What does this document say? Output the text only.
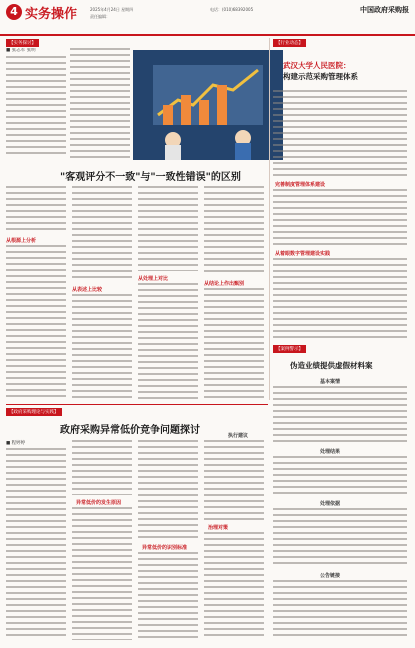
4 实务操作	2025年4月24日 星期四
责任编辑：
电话：(010)68392005	中国政府采购报
【实务探讨】
■ 张志军 张明
"客观评分不一致"与"一致性错误"的区别
从根源上分析
从表述上比较
从处理上对比
从结论上作出甄别
【行业动态】
武汉大学人民医院：
构建示范采购管理体系
完善制度管理体系建设
从着眼数字管理建设实践
【案例警示】
伪造业绩提供虚假材料案
基本案情
处理结果
处理依据
公告链接
【政府采购理论与实践】
政府采购异常低价竞争问题探讨
■ 程婷婷
异常低价的发生原因
异常低价的识别标准
治理对策
执行建议
